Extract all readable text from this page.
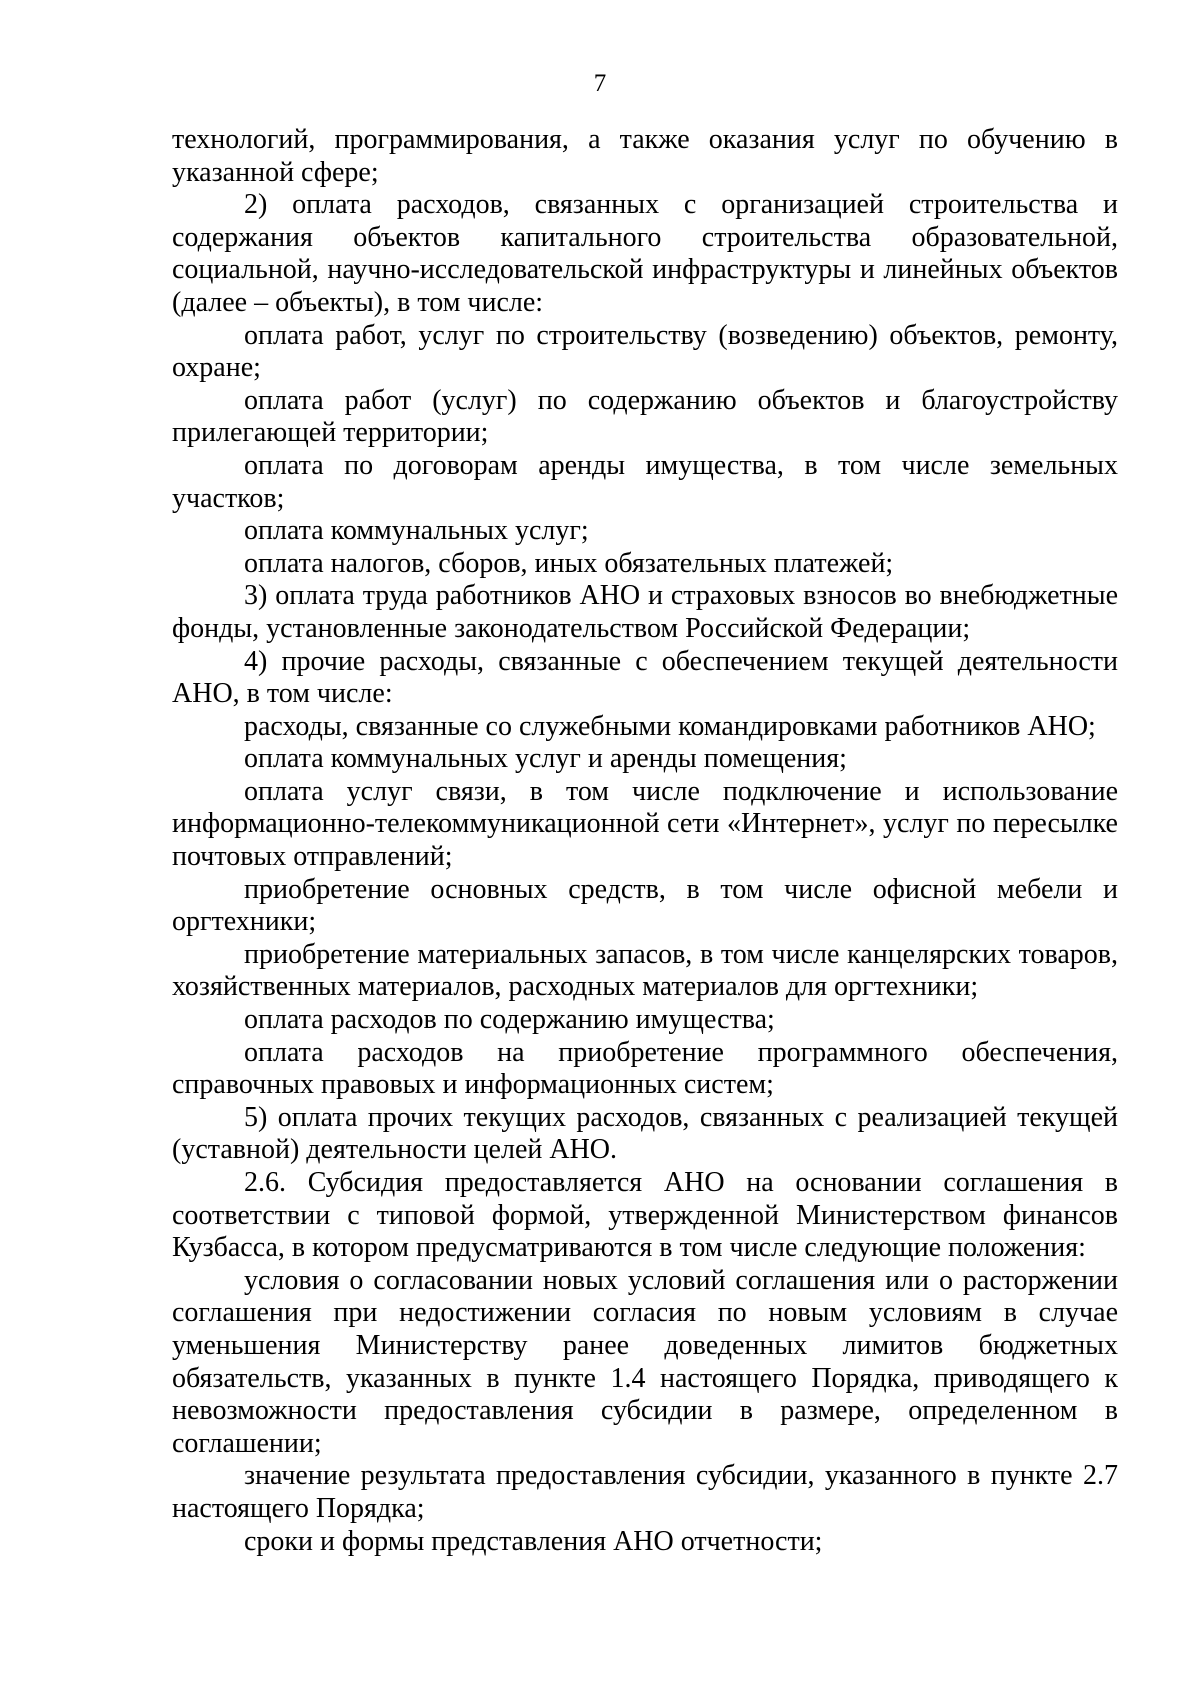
7

технологий, программирования, а также оказания услуг по обучению в указанной сфере;

2) оплата расходов, связанных с организацией строительства и содержания объектов капитального строительства образовательной, социальной, научно-исследовательской инфраструктуры и линейных объектов (далее – объекты), в том числе:

оплата работ, услуг по строительству (возведению) объектов, ремонту, охране;

оплата работ (услуг) по содержанию объектов и благоустройству прилегающей территории;

оплата по договорам аренды имущества, в том числе земельных участков;

оплата коммунальных услуг;

оплата налогов, сборов, иных обязательных платежей;

3) оплата труда работников АНО и страховых взносов во внебюджетные фонды, установленные законодательством Российской Федерации;

4) прочие расходы, связанные с обеспечением текущей деятельности АНО, в том числе:

расходы, связанные со служебными командировками работников АНО;

оплата коммунальных услуг и аренды помещения;

оплата услуг связи, в том числе подключение и использование информационно-телекоммуникационной сети «Интернет», услуг по пересылке почтовых отправлений;

приобретение основных средств, в том числе офисной мебели и оргтехники;

приобретение материальных запасов, в том числе канцелярских товаров, хозяйственных материалов, расходных материалов для оргтехники;

оплата расходов по содержанию имущества;

оплата расходов на приобретение программного обеспечения, справочных правовых и информационных систем;

5) оплата прочих текущих расходов, связанных с реализацией текущей (уставной) деятельности целей АНО.

2.6. Субсидия предоставляется АНО на основании соглашения в соответствии с типовой формой, утвержденной Министерством финансов Кузбасса, в котором предусматриваются в том числе следующие положения:

условия о согласовании новых условий соглашения или о расторжении соглашения при недостижении согласия по новым условиям в случае уменьшения Министерству ранее доведенных лимитов бюджетных обязательств, указанных в пункте 1.4 настоящего Порядка, приводящего к невозможности предоставления субсидии в размере, определенном в соглашении;

значение результата предоставления субсидии, указанного в пункте 2.7 настоящего Порядка;

сроки и формы представления АНО отчетности;
